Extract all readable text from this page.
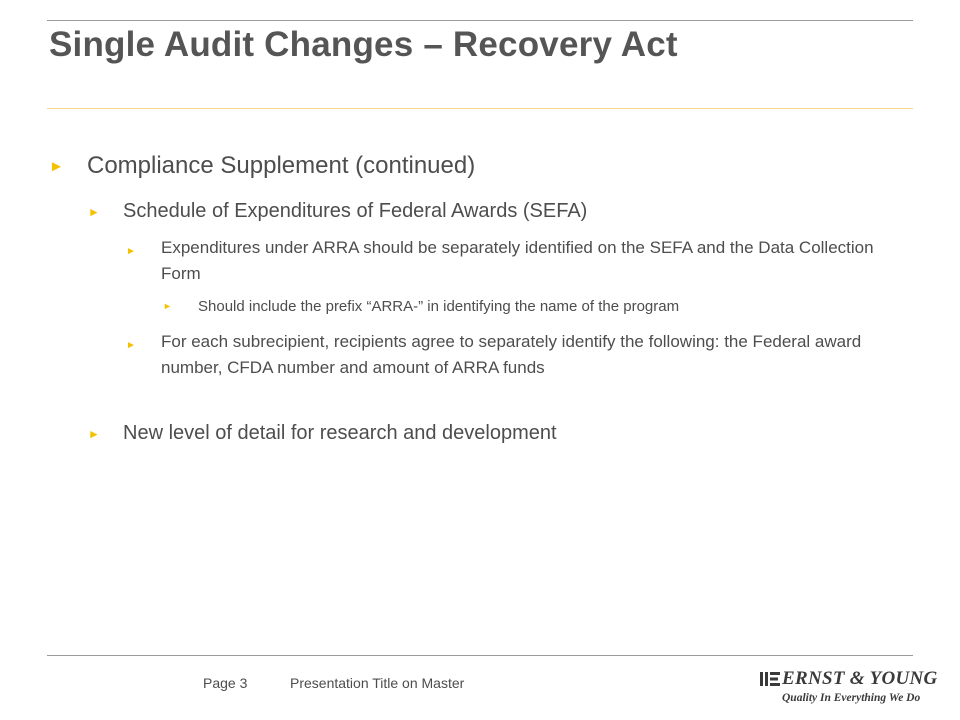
Single Audit Changes – Recovery Act
► Compliance Supplement (continued)
►	Schedule of Expenditures of Federal Awards (SEFA)
►	Expenditures under ARRA should be separately identified on the SEFA and the Data Collection Form
►	Should include the prefix “ARRA-” in identifying the name of the program
►	For each subrecipient, recipients agree to separately identify the following: the Federal award number, CFDA number and amount of ARRA funds
►	New level of detail for research and development
Page 3	Presentation Title on Master	ERNST & YOUNG
Quality In Everything We Do
